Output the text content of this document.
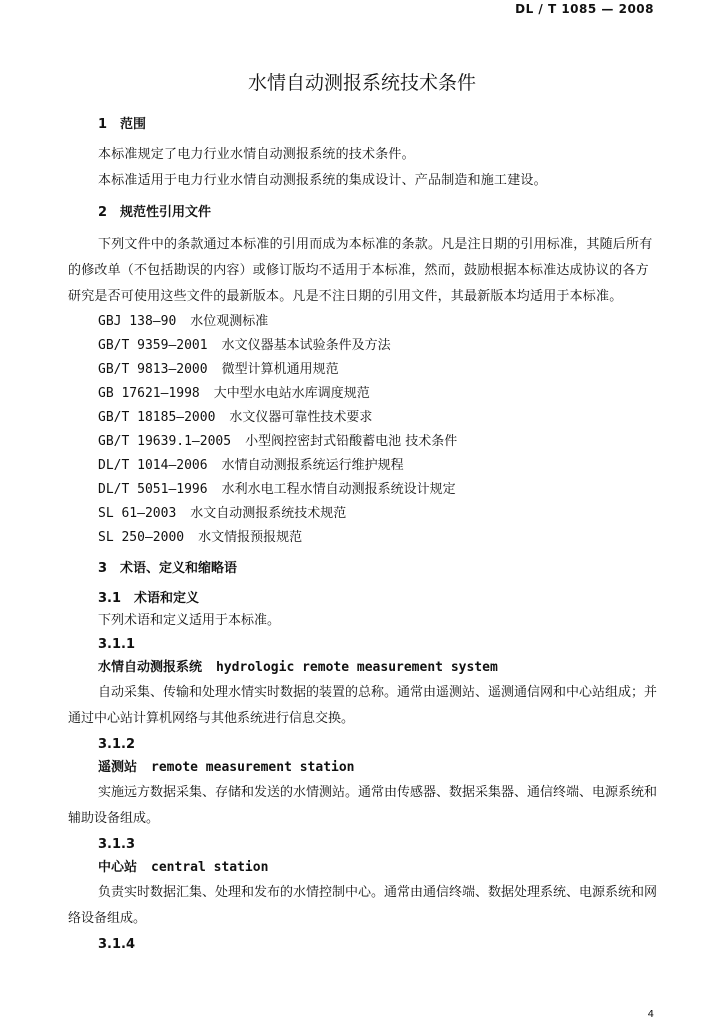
DL / T 1085 — 2008
水情自动测报系统技术条件
1　范围

本标准规定了电力行业水情自动测报系统的技术条件。

本标准适用于电力行业水情自动测报系统的集成设计、产品制造和施工建设。

2　规范性引用文件

下列文件中的条款通过本标准的引用而成为本标准的条款。凡是注日期的引用标准，其随后所有的修改单（不包括勘误的内容）或修订版均不适用于本标准，然而，鼓励根据本标准达成协议的各方研究是否可使用这些文件的最新版本。凡是不注日期的引用文件，其最新版本均适用于本标准。

GBJ 138—90 水位观测标准
GB/T 9359—2001 水文仪器基本试验条件及方法
GB/T 9813—2000 微型计算机通用规范
GB 17621—1998 大中型水电站水库调度规范
GB/T 18185—2000 水文仪器可靠性技术要求
GB/T 19639.1—2005 小型阀控密封式铅酸蓄电池 技术条件
DL/T 1014—2006 水情自动测报系统运行维护规程
DL/T 5051—1996 水利水电工程水情自动测报系统设计规定
SL 61—2003 水文自动测报系统技术规范
SL 250—2000 水文情报预报规范
3　术语、定义和缩略语
3.1　术语和定义
下列术语和定义适用于本标准。
3.1.1
水情自动测报系统 hydrologic remote measurement system

自动采集、传输和处理水情实时数据的装置的总称。通常由遥测站、遥测通信网和中心站组成；并通过中心站计算机网络与其他系统进行信息交换。

3.1.2
遥测站 remote measurement station

实施远方数据采集、存储和发送的水情测站。通常由传感器、数据采集器、通信终端、电源系统和辅助设备组成。

3.1.3
中心站 central station

负责实时数据汇集、处理和发布的水情控制中心。通常由通信终端、数据处理系统、电源系统和网络设备组成。

3.1.4
4
